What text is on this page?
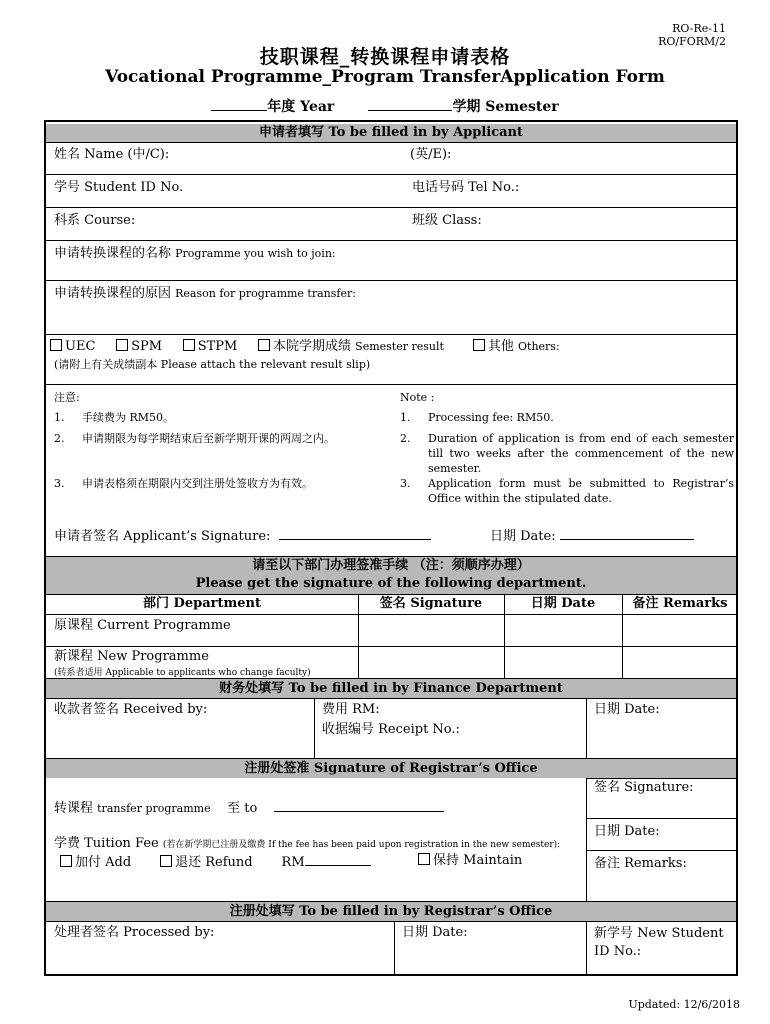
RO-Re-11
RO/FORM/2
技职课程_转换课程申请表格
Vocational Programme_Program TransferApplication Form
年度 Year	学期 Semester
申请者填写 To be filled in by Applicant
姓名 Name (中/C):	(英/E):
学号 Student ID No.	电话号码 Tel No.:
科系 Course:	班级 Class:
申请转换课程的名称 Programme you wish to join:
申请转换课程的原因 Reason for programme transfer:
UEC	SPM	STPM	本院学期成绩 Semester result	其他 Others:
(请附上有关成绩副本 Please attach the relevant result slip)
注意:
1. 手续费为 RM50。
2. 申请期限为每学期结束后至新学期开课的两周之内。
3. 申请表格须在期限内交到注册处签收方为有效。
Note :
1. Processing fee: RM50.
2. Duration of application is from end of each semester till two weeks after the commencement of the new semester.
3. Application form must be submitted to Registrar’s Office within the stipulated date.
申请者签名 Applicant’s Signature:	日期 Date:
请至以下部门办理签准手续 （注：须顺序办理）
Please get the signature of the following department.
部门 Department	签名 Signature	日期 Date	备注 Remarks
原课程 Current Programme
新课程 New Programme
(转系者适用 Applicable to applicants who change faculty)
财务处填写 To be filled in by Finance Department
收款者签名 Received by:	费用 RM:
收据编号 Receipt No.:
日期 Date:
注册处签准 Signature of Registrar’s Office
签名 Signature:
日期 Date:
备注 Remarks:
转课程 transfer programme 至 to
学费 Tuition Fee (若在新学期已注册及缴费 If the fee has been paid upon registration in the new semester):
加付 Add	退还 Refund RM	保持 Maintain
注册处填写 To be filled in by Registrar’s Office
处理者签名 Processed by:	日期 Date:	新学号 New Student ID No.:
Updated: 12/6/2018
